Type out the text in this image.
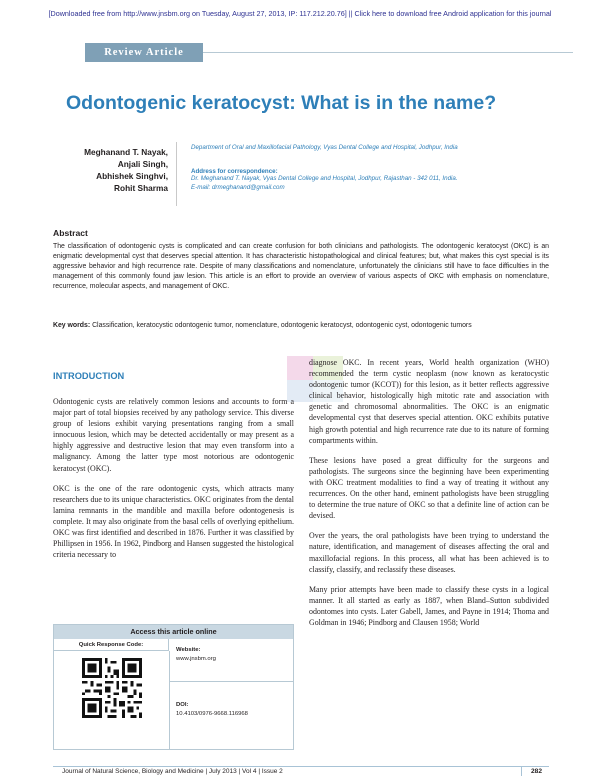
[Downloaded free from http://www.jnsbm.org on Tuesday, August 27, 2013, IP: 117.212.20.76] || Click here to download free Android application for this journal
Review Article
Odontogenic keratocyst: What is in the name?
Meghanand T. Nayak,
Anjali Singh,
Abhishek Singhvi,
Rohit Sharma
Department of Oral and Maxillofacial Pathology, Vyas Dental College and Hospital, Jodhpur, India
Address for correspondence:
Dr. Meghanand T. Nayak, Vyas Dental College and Hospital, Jodhpur, Rajasthan - 342 011, India.
E-mail: drmeghanand@gmail.com
Abstract
The classification of odontogenic cysts is complicated and can create confusion for both clinicians and pathologists. The odontogenic keratocyst (OKC) is an enigmatic developmental cyst that deserves special attention. It has characteristic histopathological and clinical features; but, what makes this cyst special is its aggressive behavior and high recurrence rate. Despite of many classifications and nomenclature, unfortunately the clinicians still have to face difficulties in the management of this commonly found jaw lesion. This article is an effort to provide an overview of various aspects of OKC with emphasis on nomenclature, recurrence, molecular aspects, and management of OKC.
Key words: Classification, keratocystic odontogenic tumor, nomenclature, odontogenic keratocyst, odontogenic cyst, odontogenic tumors
INTRODUCTION

Odontogenic cysts are relatively common lesions and accounts to form a major part of total biopsies received by any pathology service. This diverse group of lesions exhibit varying presentations ranging from a small innocuous lesion, which may be detected accidentally or may present as a highly aggressive and destructive lesion that may even transform into a malignancy. Among the latter type most notorious are odontogenic keratocyst (OKC).

OKC is the one of the rare odontogenic cysts, which attracts many researchers due to its unique characteristics. OKC originates from the dental lamina remnants in the mandible and maxilla before odontogenesis is complete. It may also originate from the basal cells of overlying epithelium. OKC was first identified and described in 1876. Further it was classified by Phillipsen in 1956. In 1962, Pindborg and Hansen suggested the histological criteria necessary to

diagnose OKC. In recent years, World health organization (WHO) recommended the term cystic neoplasm (now known as keratocystic odontogenic tumor (KCOT)) for this lesion, as it better reflects aggressive clinical behavior, histologically high mitotic rate and association with genetic and chromosomal abnormalities. The OKC is an enigmatic developmental cyst that deserves special attention. OKC exhibits putative high growth potential and high recurrence rate due to its nature of forming compartments within.

These lesions have posed a great difficulty for the surgeons and pathologists. The surgeons since the beginning have been experimenting with OKC treatment modalities to find a way of treating it without any recurrences. On the other hand, eminent pathologists have been struggling to determine the true nature of OKC so that a definite line of action can be devised.

Over the years, the oral pathologists have been trying to understand the nature, identification, and management of diseases affecting the oral and maxillofacial regions. In this process, all what has been achieved is to classify, classify, and reclassify these diseases.

Many prior attempts have been made to classify these cysts in a logical manner. It all started as early as 1887, when Bland–Sutton subdivided odontomes into cysts. Later Gabell, James, and Payne in 1914; Thoma and Goldman in 1946; Pindborg and Clausen 1958; World

Access this article online
Quick Response Code:
Website:
www.jnsbm.org
DOI:
10.4103/0976-9668.116968
Journal of Natural Science, Biology and Medicine | July 2013 | Vol 4 | Issue 2	282
